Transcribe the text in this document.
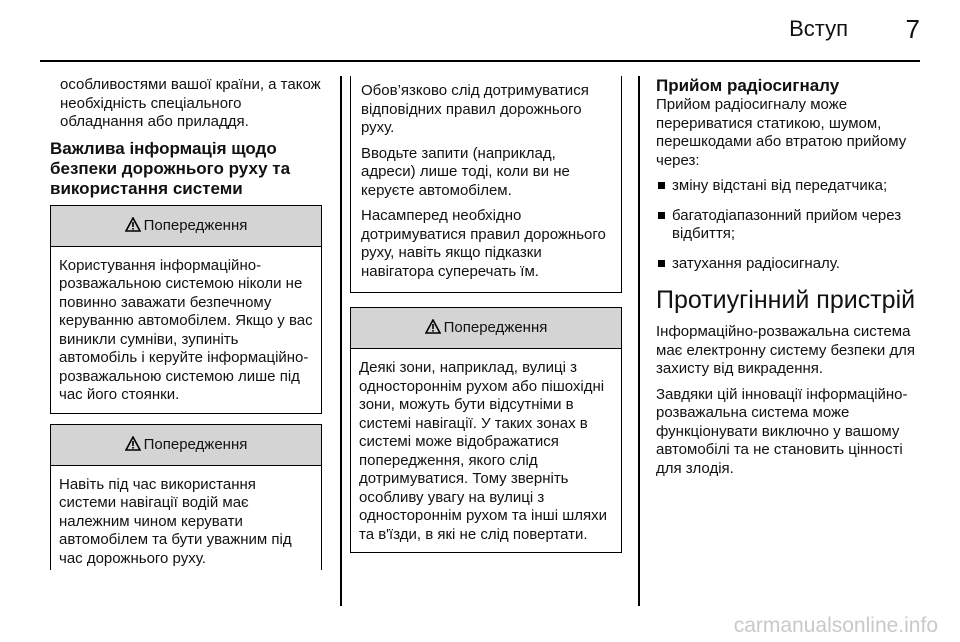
Вступ 7

особливостями вашої країни, а також необхідність спеціального обладнання або приладдя.

Важлива інформація щодо безпеки дорожнього руху та використання системи

Попередження
Користування інформаційно-розважальною системою ніколи не повинно заважати безпечному керуванню автомобілем. Якщо у вас виникли сумніви, зупиніть автомобіль і керуйте інформаційно-розважальною системою лише під час його стоянки.
Попередження
Навіть під час використання системи навігації водій має належним чином керувати автомобілем та бути уважним під час дорожнього руху.

Обов’язково слід дотримуватися відповідних правил дорожнього руху.

Вводьте запити (наприклад, адреси) лише тоді, коли ви не керуєте автомобілем.

Насамперед необхідно дотримуватися правил дорожнього руху, навіть якщо підказки навігатора суперечать їм.

Попередження
Деякі зони, наприклад, вулиці з одностороннім рухом або пішохідні зони, можуть бути відсутніми в системі навігації. У таких зонах в системі може відображатися попередження, якого слід дотримуватися. Тому зверніть особливу увагу на вулиці з одностороннім рухом та інші шляхи та в'їзди, в які не слід повертати.

Прийом радіосигналу

Прийом радіосигналу може перериватися статикою, шумом, перешкодами або втратою прийому через:

зміну відстані від передатчика;
багатодіапазонний прийом через відбиття;
затухання радіосигналу.

Протиугінний пристрій

Інформаційно-розважальна система має електронну систему безпеки для захисту від викрадення.

Завдяки цій інновації інформаційно-розважальна система може функціонувати виключно у вашому автомобілі та не становить цінності для злодія.

carmanualsonline.info
